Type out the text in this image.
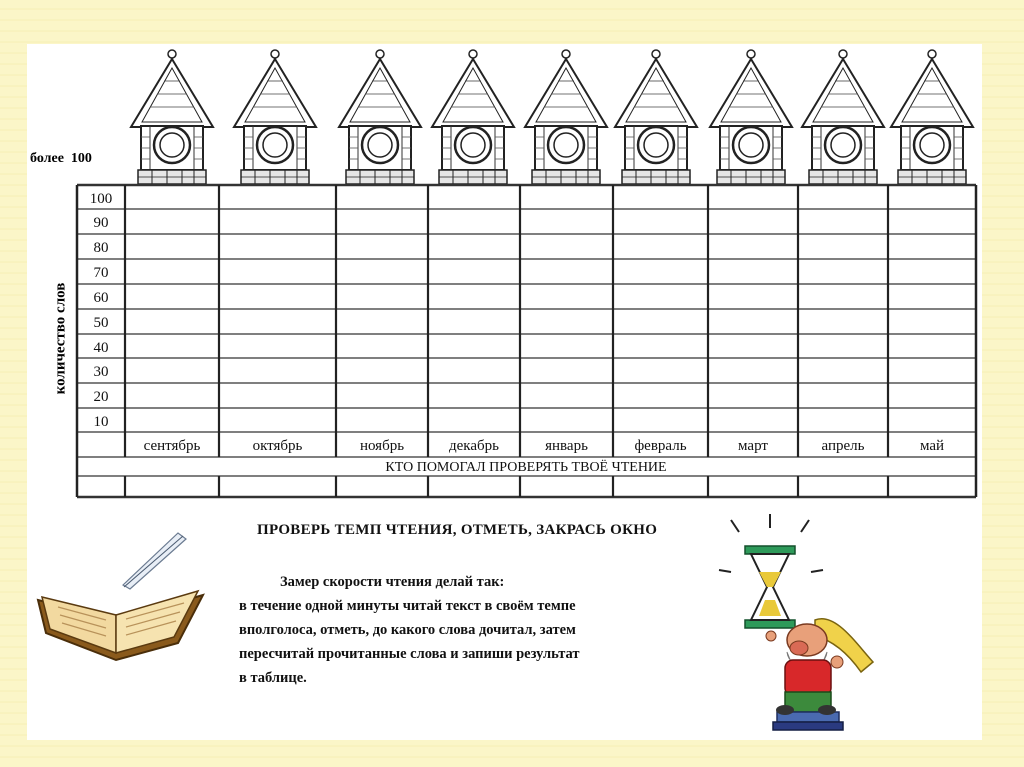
100
90
80
70
60
50
40
30
20
10
сентябрь	октябрь	ноябрь	декабрь	январь	февраль	март	апрель	май
КТО ПОМОГАЛ ПРОВЕРЯТЬ ТВОЁ ЧТЕНИЕ
более  100
количество слов
ПРОВЕРЬ ТЕМП ЧТЕНИЯ, ОТМЕТЬ, ЗАКРАСЬ ОКНО
Замер скорости чтения делай так:
в течение одной минуты читай текст в своём темпе
вполголоса, отметь, до какого слова дочитал, затем
пересчитай прочитанные слова и запиши результат
в таблице.
